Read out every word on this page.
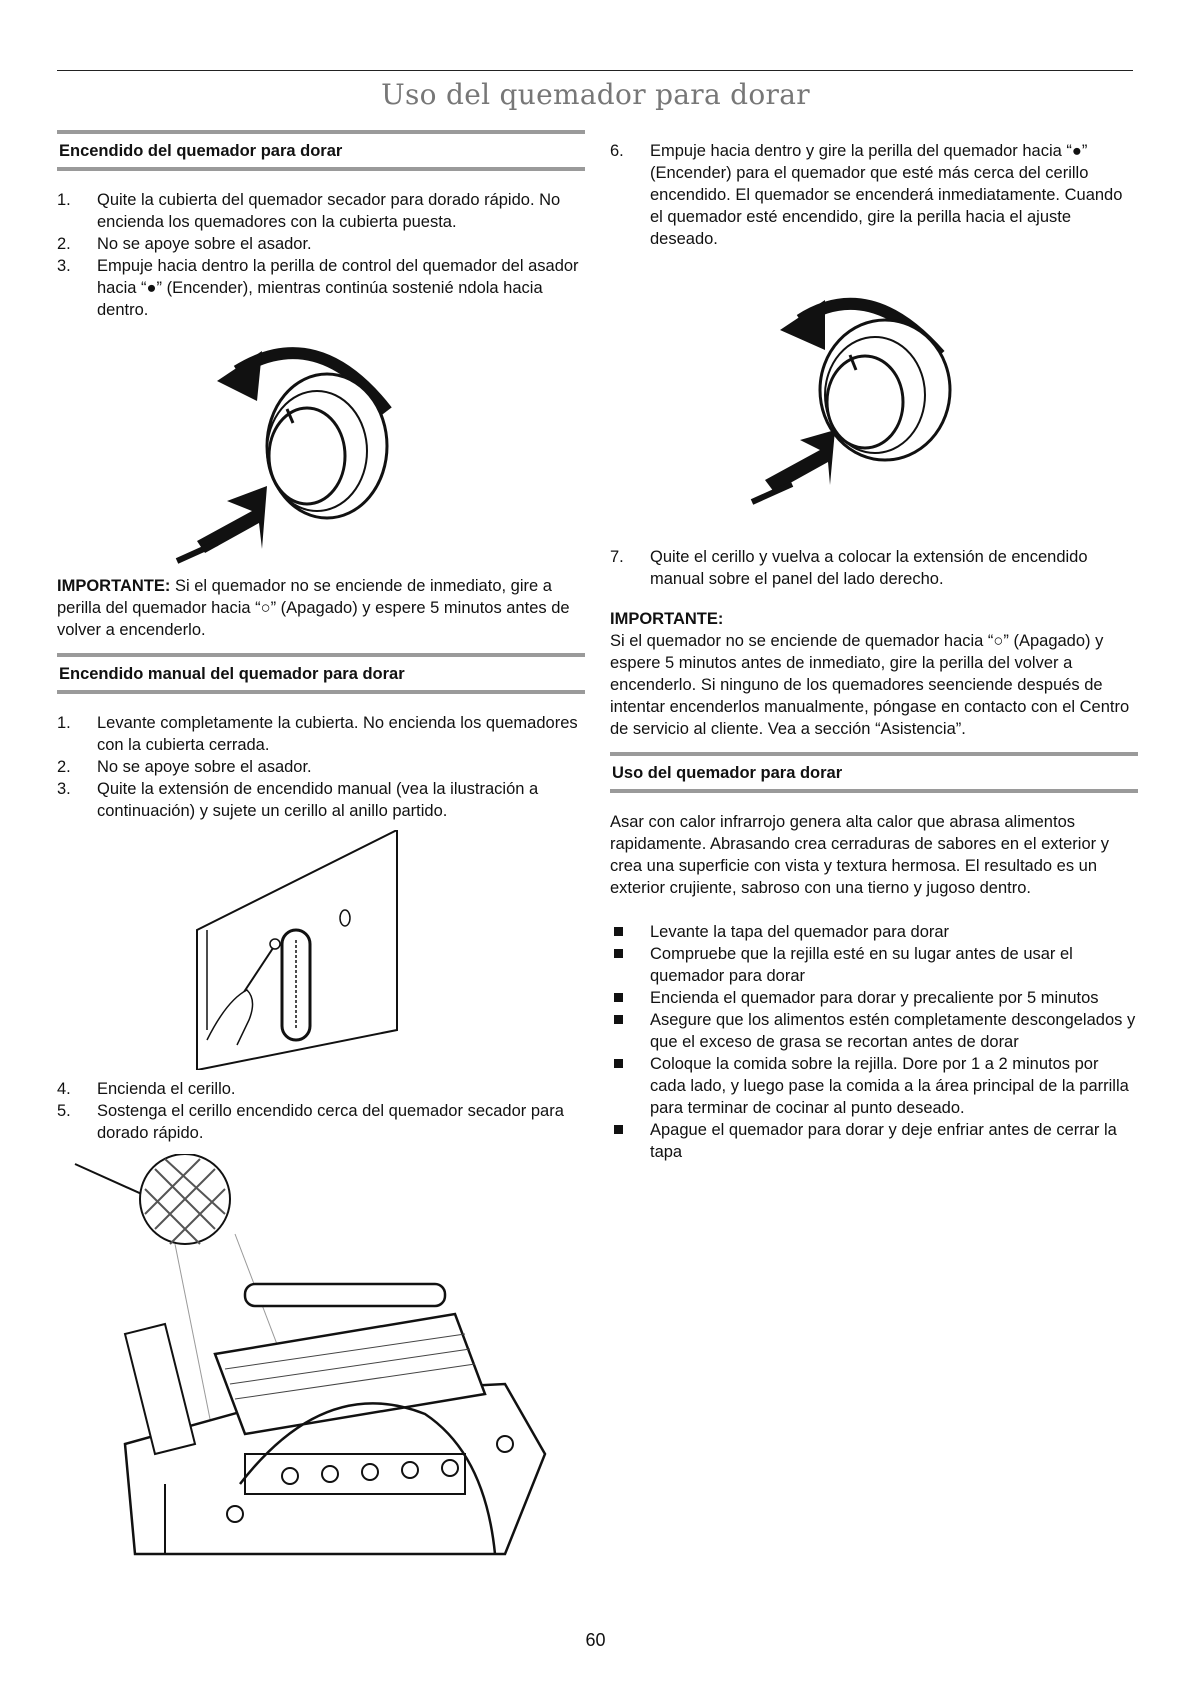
Uso del quemador para dorar
Encendido del quemador para dorar
1. Quite la cubierta del quemador secador para dorado rápido. No encienda los quemadores con la cubierta puesta.
2. No se apoye sobre el asador.
3. Empuje hacia dentro la perilla de control del quemador del asador hacia “●” (Encender), mientras continúa sostenié ndola hacia dentro.
IMPORTANTE: Si el quemador no se enciende de inmediato, gire a perilla del quemador hacia “○” (Apagado) y espere 5 minutos antes de volver a encenderlo.
Encendido manual del quemador para dorar
1. Levante completamente la cubierta. No encienda los quemadores con la cubierta cerrada.
2. No se apoye sobre el asador.
3. Quite la extensión de encendido manual (vea la ilustración a continuación) y sujete un cerillo al anillo partido.
4. Encienda el cerillo.
5. Sostenga el cerillo encendido cerca del quemador secador para dorado rápido.
6. Empuje hacia dentro y gire la perilla del quemador hacia “●” (Encender) para el quemador que esté más cerca del cerillo encendido. El quemador se encenderá inmediatamente. Cuando el quemador esté encendido, gire la perilla hacia el ajuste deseado.
7. Quite el cerillo y vuelva a colocar la extensión de encendido manual sobre el panel del lado derecho.
IMPORTANTE:
Si el quemador no se enciende de quemador hacia “○” (Apagado) y espere 5 minutos antes de inmediato, gire la perilla del volver a encenderlo. Si ninguno de los quemadores seenciende después de intentar encenderlos manualmente, póngase en contacto con el Centro de servicio al cliente. Vea a sección “Asistencia”.
Uso del quemador para dorar
Asar con calor infrarrojo genera alta calor que abrasa alimentos rapidamente. Abrasando crea cerraduras de sabores en el exterior y crea una superficie con vista y textura hermosa. El resultado es un exterior crujiente, sabroso con una tierno y jugoso dentro.
Levante la tapa del quemador para dorar
Compruebe que la rejilla esté en su lugar antes de usar el quemador para dorar
Encienda el quemador para dorar y precaliente por 5 minutos
Asegure que los alimentos estén completamente descongelados y que el exceso de grasa se recortan antes de dorar
Coloque la comida sobre la rejilla. Dore por 1 a 2 minutos por cada lado, y luego pase la comida a la área principal de la parrilla para terminar de cocinar al punto deseado.
Apague el quemador para dorar y deje enfriar antes de cerrar la tapa
60
